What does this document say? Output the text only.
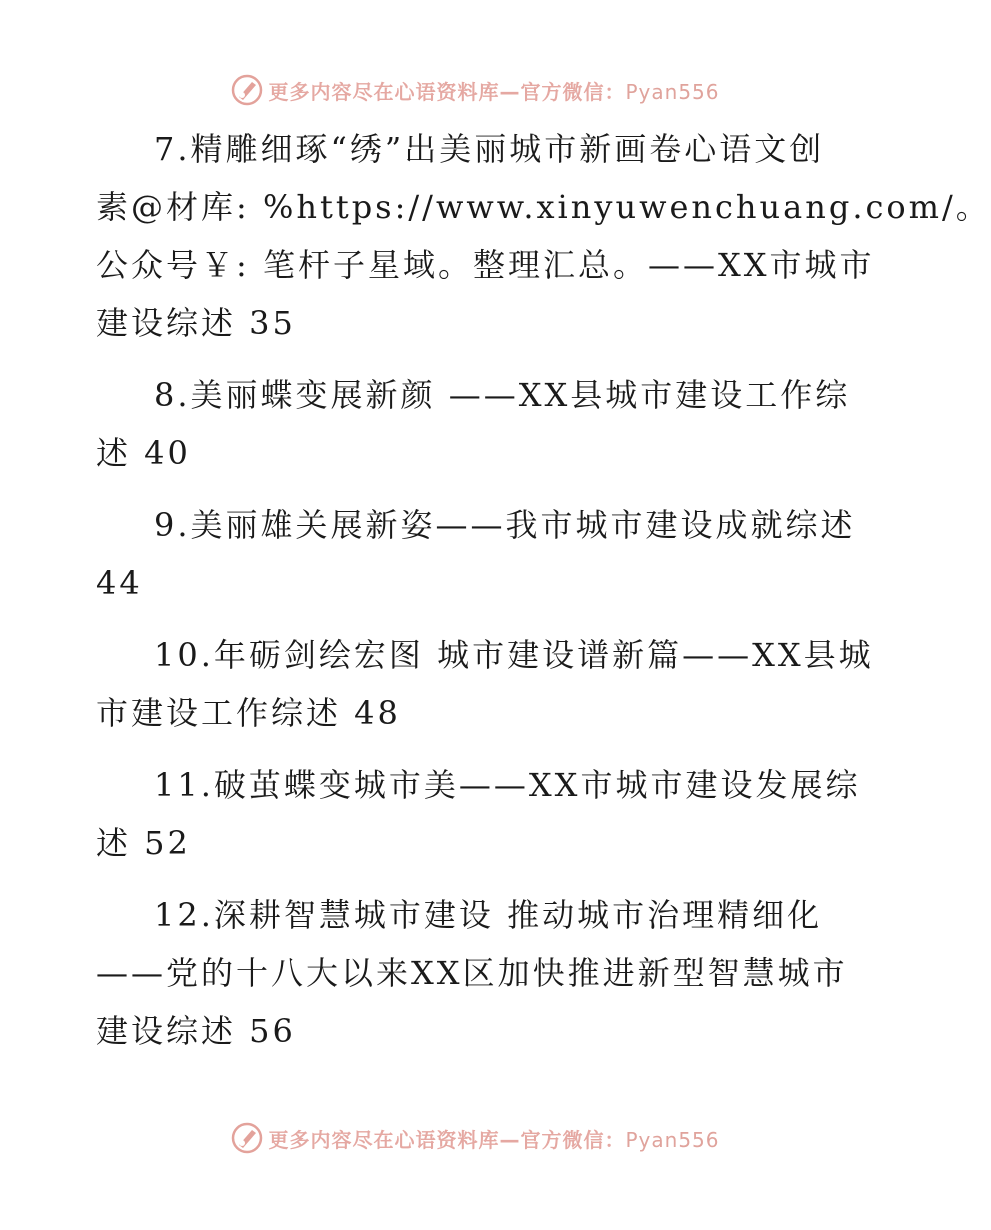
更多内容尽在心语资料库—官方微信：Pyan556
7.精雕细琢“绣”出美丽城市新画卷心语文创
素@材库: %https://www.xinyuwenchuang.com/。
公众号￥: 笔杆子星域。整理汇总。——XX市城市
建设综述 35
8.美丽蝶变展新颜 ——XX县城市建设工作综
述 40
9.美丽雄关展新姿——我市城市建设成就综述
44
10.年砺剑绘宏图 城市建设谱新篇——XX县城
市建设工作综述 48
11.破茧蝶变城市美——XX市城市建设发展综
述 52
12.深耕智慧城市建设 推动城市治理精细化
——党的十八大以来XX区加快推进新型智慧城市
建设综述 56
更多内容尽在心语资料库—官方微信：Pyan556
